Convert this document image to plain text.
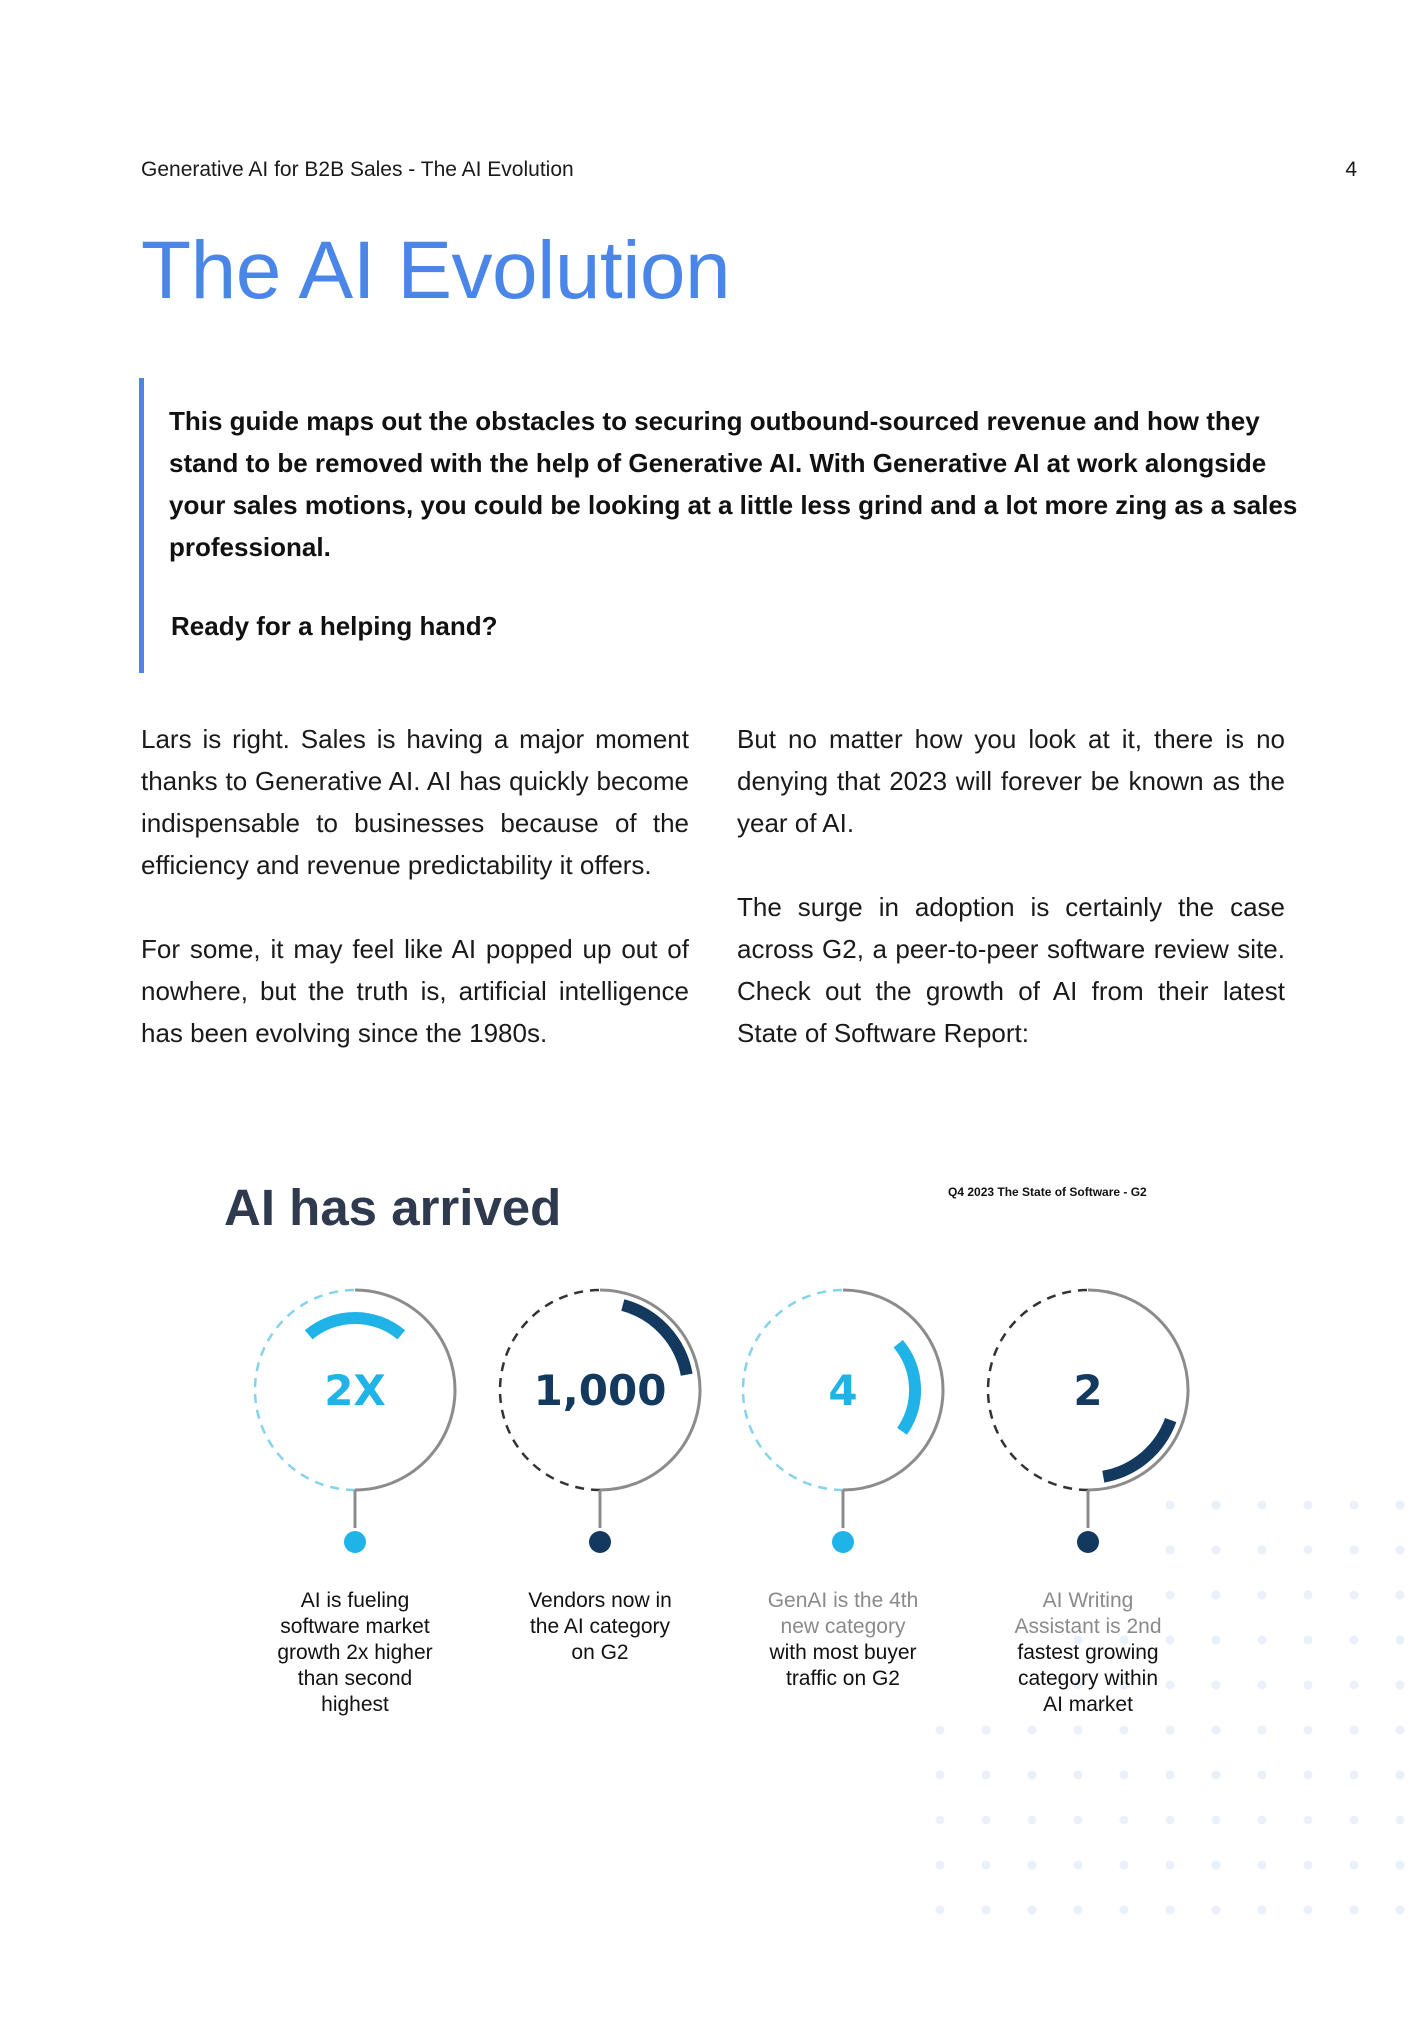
Generative AI for B2B Sales - The AI Evolution	4
The AI Evolution

This guide maps out the obstacles to securing outbound-sourced revenue and how they stand to be removed with the help of Generative AI. With Generative AI at work alongside your sales motions, you could be looking at a little less grind and a lot more zing as a sales professional.

Ready for a helping hand?

Lars is right. Sales is having a major moment thanks to Generative AI. AI has quickly become indispensable to businesses because of the efficiency and revenue predictability it offers.

For some, it may feel like AI popped up out of nowhere, but the truth is, artificial intelligence has been evolving since the 1980s.

But no matter how you look at it, there is no denying that 2023 will forever be known as the year of AI.

The surge in adoption is certainly the case across G2, a peer-to-peer software review site. Check out the growth of AI from their latest State of Software Report:

AI has arrived	Q4 2023 The State of Software - G2
2X	1,000	4	2
AI is fueling
software market
growth 2x higher
than second
highest
Vendors now in
the AI category
on G2
GenAI is the 4th
new category
with most buyer
traffic on G2
AI Writing
Assistant is 2nd
fastest growing
category within
AI market
